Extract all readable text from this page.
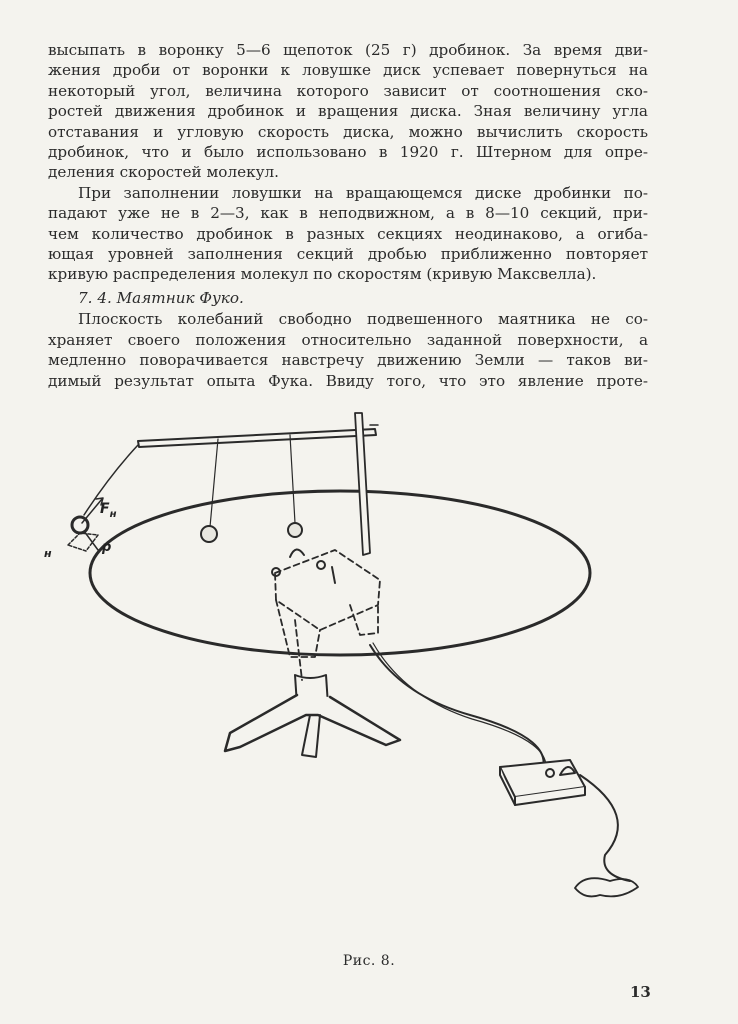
высыпать в воронку 5—6 щепоток (25 г) дробинок. За время дви-
жения дроби от воронки к ловушке диск успевает повернуться на
некоторый угол, величина которого зависит от соотношения ско-
ростей движения дробинок и вращения диска. Зная величину угла
отставания и угловую скорость диска, можно вычислить скорость
дробинок, что и было использовано в 1920 г. Штерном для опре-
деления скоростей молекул.
При заполнении ловушки на вращающемся диске дробинки по-
падают уже не в 2—3, как в неподвижном, а в 8—10 секций, при-
чем количество дробинок в разных секциях неодинаково, а огиба-
ющая уровней заполнения секций дробью приближенно повторяет
кривую распределения молекул по скоростям (кривую Максвелла).
7. 4. Маятник Фуко.
Плоскость колебаний свободно подвешенного маятника не со-
храняет своего положения относительно заданной поверхности, а
медленно поворачивается навстречу движению Земли — таков ви-
димый результат опыта Фука. Ввиду того, что это явление проте-
$F_н$
р
н
Рис. 8.
13
